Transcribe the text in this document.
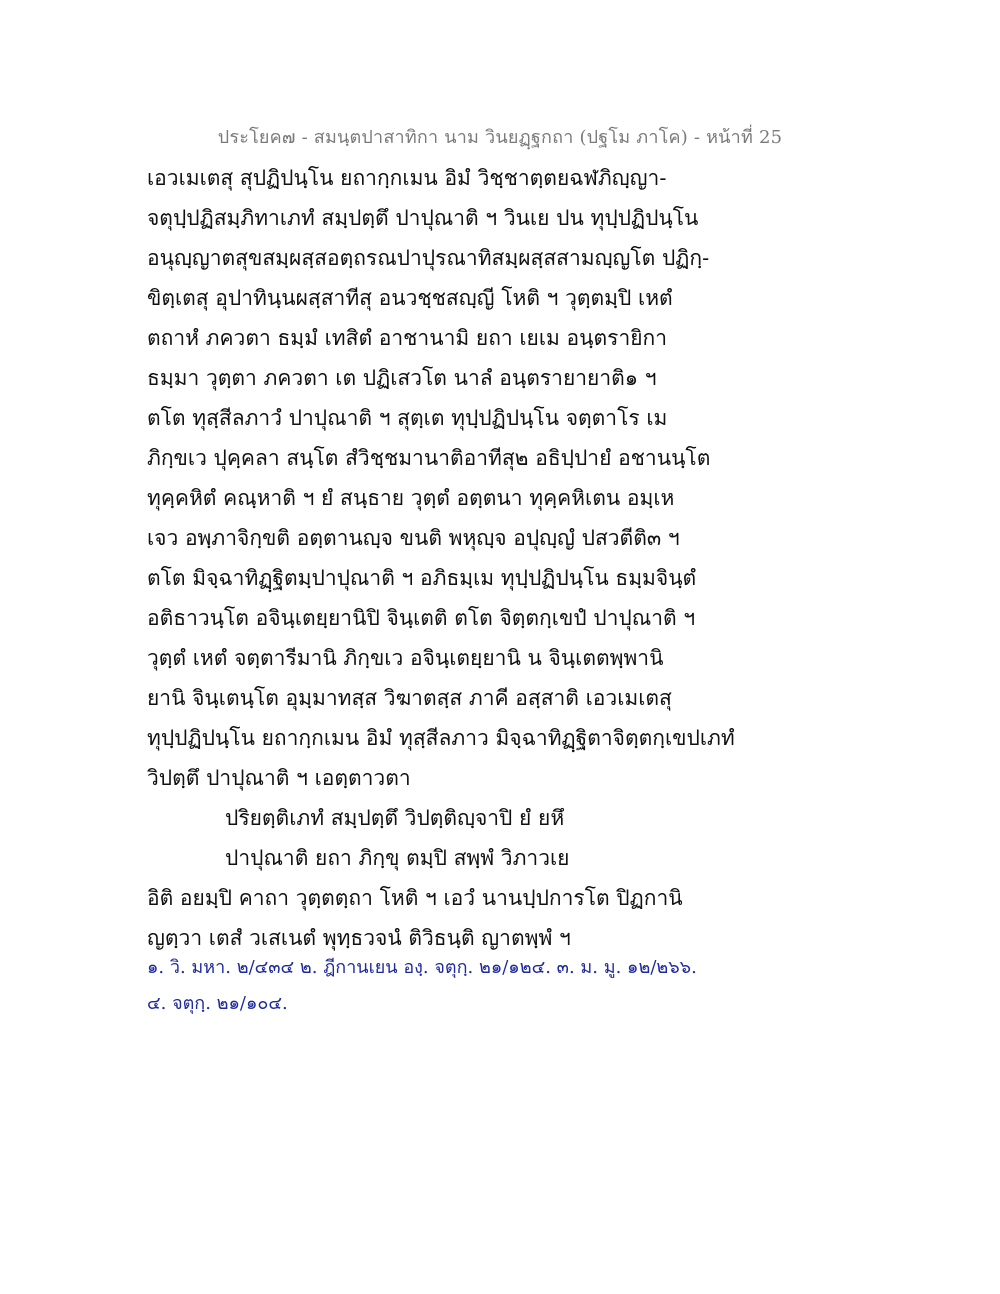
ประโยค๗ - สมนฺตปาสาทิกา นาม วินยฏฺฐกถา (ปฐโม ภาโค) - หน้าที่ 25
เอวเมเตสุ สุปฏิปนฺโน ยถากฺกเมน อิมํ วิชฺชาตฺตยฉฬภิญฺญา-
จตุปฺปฏิสมฺภิทาเภทํ สมฺปตฺตึ ปาปุณาติ ฯ วินเย ปน ทุปฺปฏิปนฺโน
อนุญฺญาตสุขสมฺผสฺสอตฺถรณปาปุรณาทิสมฺผสฺสสามญฺญโต ปฏิกฺ-
ขิตฺเตสุ อุปาทินฺนผสฺสาทีสุ อนวชฺชสญฺญี โหติ ฯ วุตฺตมฺปิ เหตํ
ตถาหํ ภควตา ธมฺมํ เทสิตํ อาชานามิ ยถา เยเม อนฺตรายิกา
ธมฺมา วุตฺตา ภควตา เต ปฏิเสวโต นาลํ อนฺตรายายาติ๑ ฯ
ตโต ทุสฺสีลภาวํ ปาปุณาติ ฯ สุตฺเต ทุปฺปฏิปนฺโน จตฺตาโร เม
ภิกฺขเว ปุคฺคลา สนฺโต สํวิชฺชมานาติอาทีสุ๒ อธิปฺปายํ อชานนฺโต
ทุคฺคหิตํ คณฺหาติ ฯ ยํ สนฺธาย วุตฺตํ อตฺตนา ทุคฺคหิเตน อมฺเห
เจว อพฺภาจิกฺขติ อตฺตานญฺจ ขนติ พหุญฺจ อปุญฺญํ ปสวตีติ๓ ฯ
ตโต มิจฺฉาทิฏฺฐิตมฺปาปุณาติ ฯ อภิธมฺเม ทุปฺปฏิปนฺโน ธมฺมจินฺตํ
อติธาวนฺโต อจินฺเตยฺยานิปิ จินฺเตติ ตโต จิตฺตกฺเขปํ ปาปุณาติ ฯ
วุตฺตํ เหตํ จตฺตารีมานิ ภิกฺขเว อจินฺเตยฺยานิ น จินฺเตตพฺพานิ
ยานิ จินฺเตนฺโต อุมฺมาทสฺส วิฆาตสฺส ภาคี อสฺสาติ เอวเมเตสุ
ทุปฺปฏิปนฺโน ยถากฺกเมน อิมํ ทุสฺสีลภาว มิจฺฉาทิฏฺฐิตาจิตฺตกฺเขปเภทํ
วิปตฺตึ ปาปุณาติ ฯ เอตฺตาวตา
ปริยตฺติเภทํ สมฺปตฺตึ วิปตฺติญฺจาปิ ยํ ยหึ
ปาปุณาติ ยถา ภิกฺขุ ตมฺปิ สพฺพํ วิภาวเย
อิติ อยมฺปิ คาถา วุตฺตตฺถา โหติ ฯ เอวํ นานปฺปการโต ปิฏกานิ
ญตฺวา เตสํ วเสเนตํ พุทฺธวจนํ ติวิธนฺติ ญาตพฺพํ ฯ
๑. วิ. มหา. ๒/๔๓๔ ๒. ฎีกานเยน องฺ. จตุกฺ. ๒๑/๑๒๔. ๓. ม. มู. ๑๒/๒๖๖.
๔. จตุกฺ. ๒๑/๑๐๔.
